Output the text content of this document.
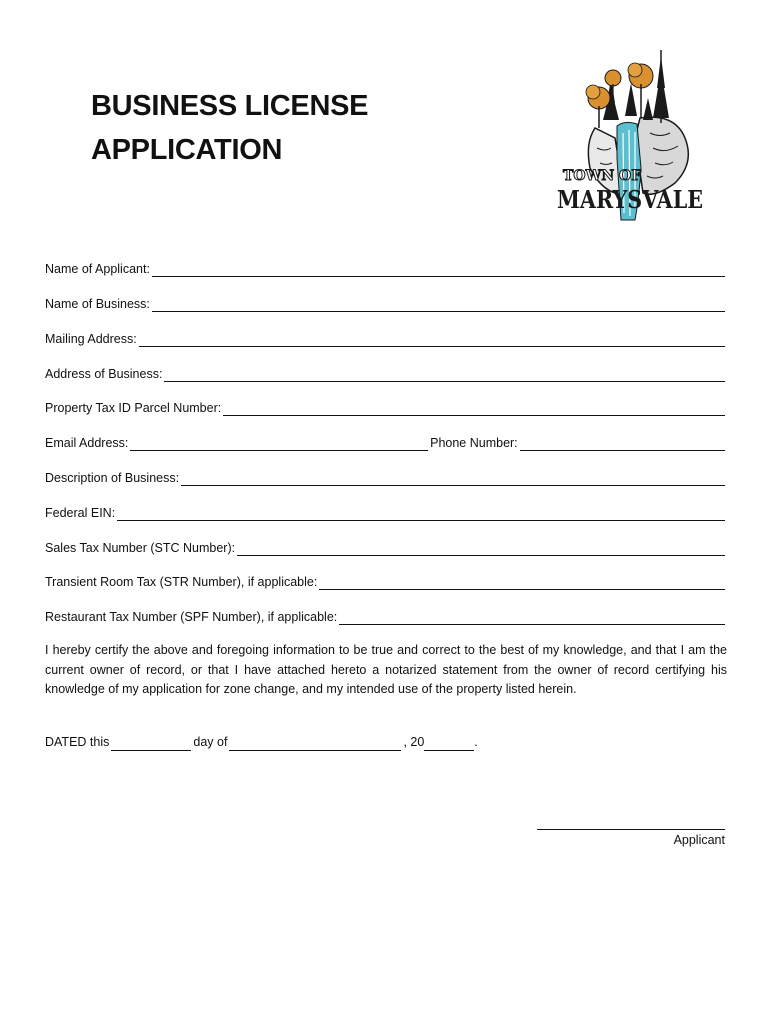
BUSINESS LICENSE
APPLICATION
TOWN OF
MARYSVALE
Name of Applicant:
Name of Business:
Mailing Address:
Address of Business:
Property Tax ID Parcel Number:
Email Address:	Phone Number:
Description of Business:
Federal EIN:
Sales Tax Number (STC Number):
Transient Room Tax (STR Number), if applicable:
Restaurant Tax Number (SPF Number), if applicable:

I hereby certify the above and foregoing information to be true and correct to the best of my knowledge, and that I am the current owner of record, or that I have attached hereto a notarized statement from the owner of record certifying his knowledge of my application for zone change, and my intended use of the property listed herein.

DATED this	day of	, 20	.
Applicant
